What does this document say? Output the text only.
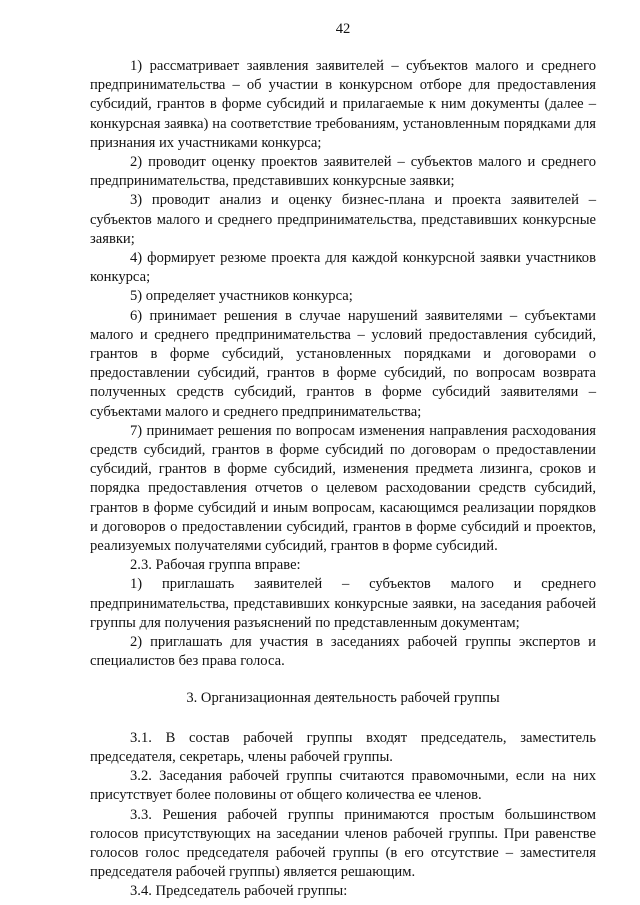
42

1) рассматривает заявления заявителей – субъектов малого и среднего предпринимательства – об участии в конкурсном отборе для предоставления субсидий, грантов в форме субсидий и прилагаемые к ним документы (далее – конкурсная заявка) на соответствие требованиям, установленным порядками для признания их участниками конкурса;

2) проводит оценку проектов заявителей – субъектов малого и среднего предпринимательства, представивших конкурсные заявки;

3) проводит анализ и оценку бизнес-плана и проекта заявителей – субъектов малого и среднего предпринимательства, представивших конкурсные заявки;

4) формирует резюме проекта для каждой конкурсной заявки участников конкурса;

5) определяет участников конкурса;

6) принимает решения в случае нарушений заявителями – субъектами малого и среднего предпринимательства – условий предоставления субсидий, грантов в форме субсидий, установленных порядками и договорами о предоставлении субсидий, грантов в форме субсидий, по вопросам возврата полученных средств субсидий, грантов в форме субсидий заявителями – субъектами малого и среднего предпринимательства;

7) принимает решения по вопросам изменения направления расходования средств субсидий, грантов в форме субсидий по договорам о предоставлении субсидий, грантов в форме субсидий, изменения предмета лизинга, сроков и порядка предоставления отчетов о целевом расходовании средств субсидий, грантов в форме субсидий и иным вопросам, касающимся реализации порядков и договоров о предоставлении субсидий, грантов в форме субсидий и проектов, реализуемых получателями субсидий, грантов в форме субсидий.

2.3. Рабочая группа вправе:

1) приглашать заявителей – субъектов малого и среднего предпринимательства, представивших конкурсные заявки, на заседания рабочей группы для получения разъяснений по представленным документам;

2) приглашать для участия в заседаниях рабочей группы экспертов и специалистов без права голоса.

3. Организационная деятельность рабочей группы

3.1. В состав рабочей группы входят председатель, заместитель председателя, секретарь, члены рабочей группы.

3.2. Заседания рабочей группы считаются правомочными, если на них присутствует более половины от общего количества ее членов.

3.3. Решения рабочей группы принимаются простым большинством голосов присутствующих на заседании членов рабочей группы. При равенстве голосов голос председателя рабочей группы (в его отсутствие – заместителя председателя рабочей группы) является решающим.

3.4. Председатель рабочей группы:
